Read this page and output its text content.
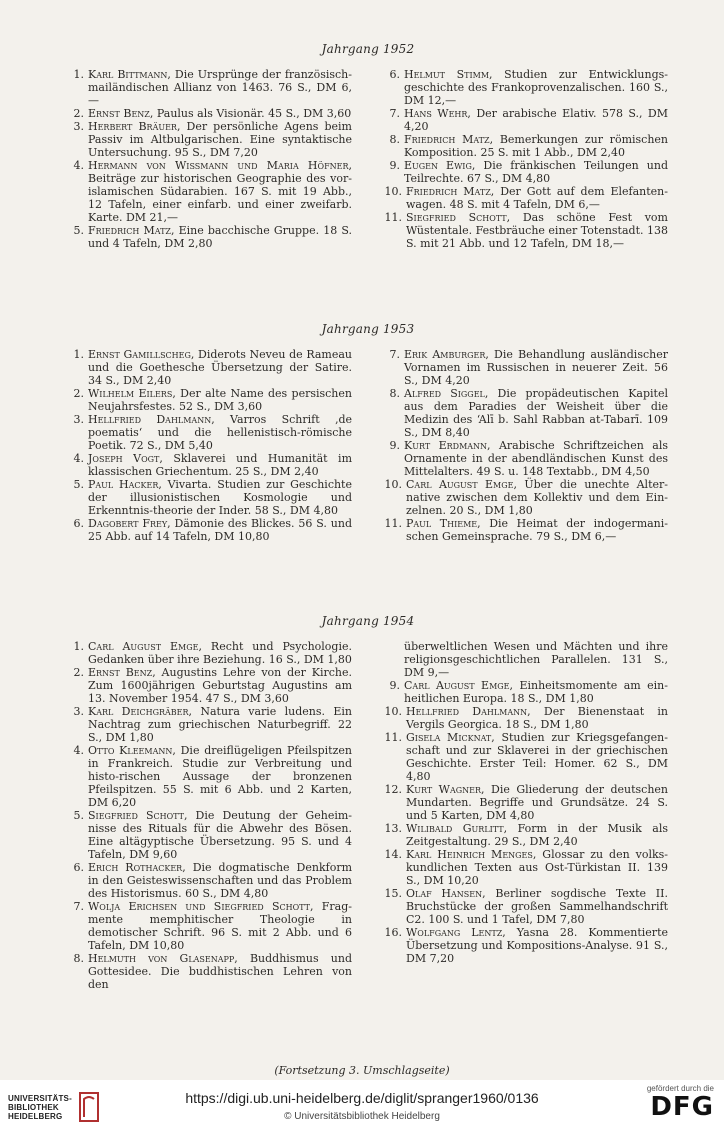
Jahrgang 1952
1. Karl Bittmann, Die Ursprünge der französisch-mailändischen Allianz von 1463. 76 S., DM 6,—
2. Ernst Benz, Paulus als Visionär. 45 S., DM 3,60
3. Herbert Bräuer, Der persönliche Agens beim Passiv im Altbulgarischen. Eine syntaktische Untersuchung. 95 S., DM 7,20
4. Hermann von Wissmann und Maria Höfner, Beiträge zur historischen Geographie des vor-islamischen Südarabien. 167 S. mit 19 Abb., 12 Tafeln, einer einfarb. und einer zweifarb. Karte. DM 21,—
5. Friedrich Matz, Eine bacchische Gruppe. 18 S. und 4 Tafeln, DM 2,80
6. Helmut Stimm, Studien zur Entwicklungs-geschichte des Frankoprovenzalischen. 160 S., DM 12,—
7. Hans Wehr, Der arabische Elativ. 578 S., DM 4,20
8. Friedrich Matz, Bemerkungen zur römischen Komposition. 25 S. mit 1 Abb., DM 2,40
9. Eugen Ewig, Die fränkischen Teilungen und Teilrechte. 67 S., DM 4,80
10. Friedrich Matz, Der Gott auf dem Elefanten-wagen. 48 S. mit 4 Tafeln, DM 6,—
11. Siegfried Schott, Das schöne Fest vom Wüstentale. Festbräuche einer Totenstadt. 138 S. mit 21 Abb. und 12 Tafeln, DM 18,—
Jahrgang 1953
1. Ernst Gamillscheg, Diderots Neveu de Rameau und die Goethesche Übersetzung der Satire. 34 S., DM 2,40
2. Wilhelm Eilers, Der alte Name des persischen Neujahrsfestes. 52 S., DM 3,60
3. Hellfried Dahlmann, Varros Schrift ‚de poematis‘ und die hellenistisch-römische Poetik. 72 S., DM 5,40
4. Joseph Vogt, Sklaverei und Humanität im klassischen Griechentum. 25 S., DM 2,40
5. Paul Hacker, Vivarta. Studien zur Geschichte der illusionistischen Kosmologie und Erkenntnis-theorie der Inder. 58 S., DM 4,80
6. Dagobert Frey, Dämonie des Blickes. 56 S. und 25 Abb. auf 14 Tafeln, DM 10,80
7. Erik Amburger, Die Behandlung ausländischer Vornamen im Russischen in neuerer Zeit. 56 S., DM 4,20
8. Alfred Siggel, Die propädeutischen Kapitel aus dem Paradies der Weisheit über die Medizin des ‘Alī b. Sahl Rabban at-Tabarī. 109 S., DM 8,40
9. Kurt Erdmann, Arabische Schriftzeichen als Ornamente in der abendländischen Kunst des Mittelalters. 49 S. u. 148 Textabb., DM 4,50
10. Carl August Emge, Über die unechte Alter-native zwischen dem Kollektiv und dem Ein-zelnen. 20 S., DM 1,80
11. Paul Thieme, Die Heimat der indogermani-schen Gemeinsprache. 79 S., DM 6,—
Jahrgang 1954
1. Carl August Emge, Recht und Psychologie. Gedanken über ihre Beziehung. 16 S., DM 1,80
2. Ernst Benz, Augustins Lehre von der Kirche. Zum 1600jährigen Geburtstag Augustins am 13. November 1954. 47 S., DM 3,60
3. Karl Deichgräber, Natura varie ludens. Ein Nachtrag zum griechischen Naturbegriff. 22 S., DM 1,80
4. Otto Kleemann, Die dreiflügeligen Pfeilspitzen in Frankreich. Studie zur Verbreitung und histo-rischen Aussage der bronzenen Pfeilspitzen. 55 S. mit 6 Abb. und 2 Karten, DM 6,20
5. Siegfried Schott, Die Deutung der Geheim-nisse des Rituals für die Abwehr des Bösen. Eine altägyptische Übersetzung. 95 S. und 4 Tafeln, DM 9,60
6. Erich Rothacker, Die dogmatische Denkform in den Geisteswissenschaften und das Problem des Historismus. 60 S., DM 4,80
7. Wolja Erichsen und Siegfried Schott, Frag-mente memphitischer Theologie in demotischer Schrift. 96 S. mit 2 Abb. und 6 Tafeln, DM 10,80
8. Helmuth von Glasenapp, Buddhismus und Gottesidee. Die buddhistischen Lehren von den
überweltlichen Wesen und Mächten und ihre religionsgeschichtlichen Parallelen. 131 S., DM 9,—
9. Carl August Emge, Einheitsmomente am ein-heitlichen Europa. 18 S., DM 1,80
10. Hellfried Dahlmann, Der Bienenstaat in Vergils Georgica. 18 S., DM 1,80
11. Gisela Micknat, Studien zur Kriegsgefangen-schaft und zur Sklaverei in der griechischen Geschichte. Erster Teil: Homer. 62 S., DM 4,80
12. Kurt Wagner, Die Gliederung der deutschen Mundarten. Begriffe und Grundsätze. 24 S. und 5 Karten, DM 4,80
13. Wilibald Gurlitt, Form in der Musik als Zeitgestaltung. 29 S., DM 2,40
14. Karl Heinrich Menges, Glossar zu den volks-kundlichen Texten aus Ost-Türkistan II. 139 S., DM 10,20
15. Olaf Hansen, Berliner sogdische Texte II. Bruchstücke der großen Sammelhandschrift C2. 100 S. und 1 Tafel, DM 7,80
16. Wolfgang Lentz, Yasna 28. Kommentierte Übersetzung und Kompositions-Analyse. 91 S., DM 7,20
(Fortsetzung 3. Umschlagseite)
UNIVERSITÄTS-
BIBLIOTHEK
HEIDELBERG
https://digi.ub.uni-heidelberg.de/diglit/spranger1960/0136
© Universitätsbibliothek Heidelberg
gefördert durch die
DFG
